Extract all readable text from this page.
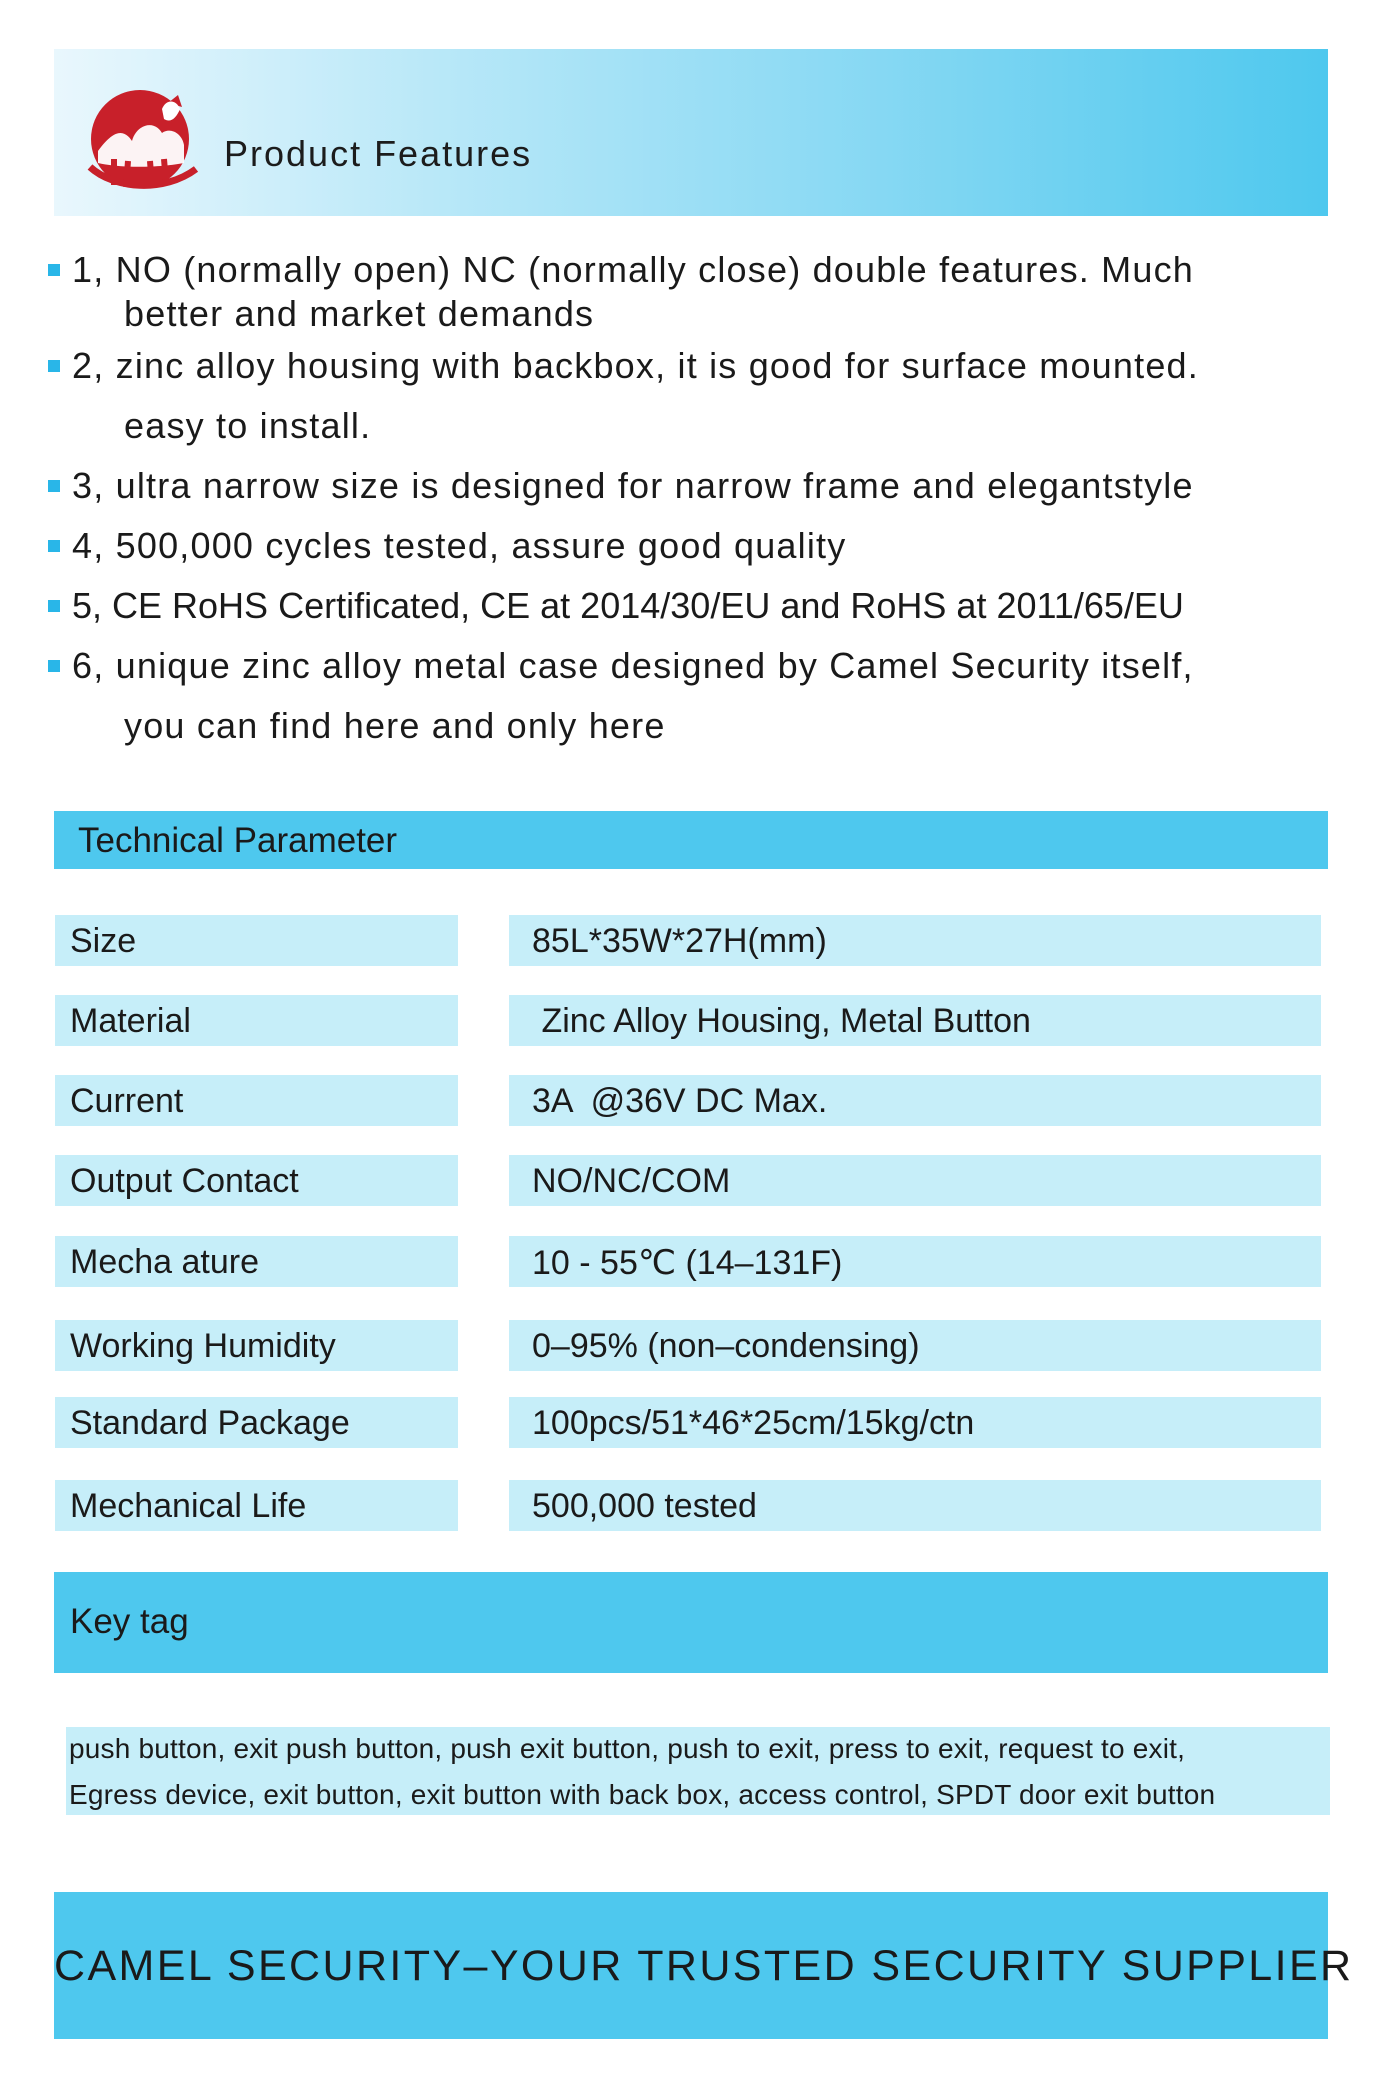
Product Features
1, NO (normally open) NC (normally close) double features. Much
better and market demands
2, zinc alloy housing with backbox, it is good for surface mounted.
easy to install.
3, ultra narrow size is designed for narrow frame and elegantstyle
4, 500,000 cycles tested, assure good quality
5, CE RoHS Certificated, CE at 2014/30/EU and RoHS at 2011/65/EU
6, unique zinc alloy metal case designed by Camel Security itself,
you can find here and only here
Technical Parameter
Size	85L*35W*27H(mm)
Material	Zinc Alloy Housing, Metal Button
Current	3A  @36V DC Max.
Output Contact	NO/NC/COM
Mecha ature	10 - 55℃ (14–131F)
Working Humidity	0–95% (non–condensing)
Standard Package	100pcs/51*46*25cm/15kg/ctn
Mechanical Life	500,000 tested
Key tag
push button, exit push button, push exit button, push to exit, press to exit, request to exit,
Egress device, exit button, exit button with back box, access control, SPDT door exit button
CAMEL SECURITY–YOUR TRUSTED SECURITY SUPPLIER
